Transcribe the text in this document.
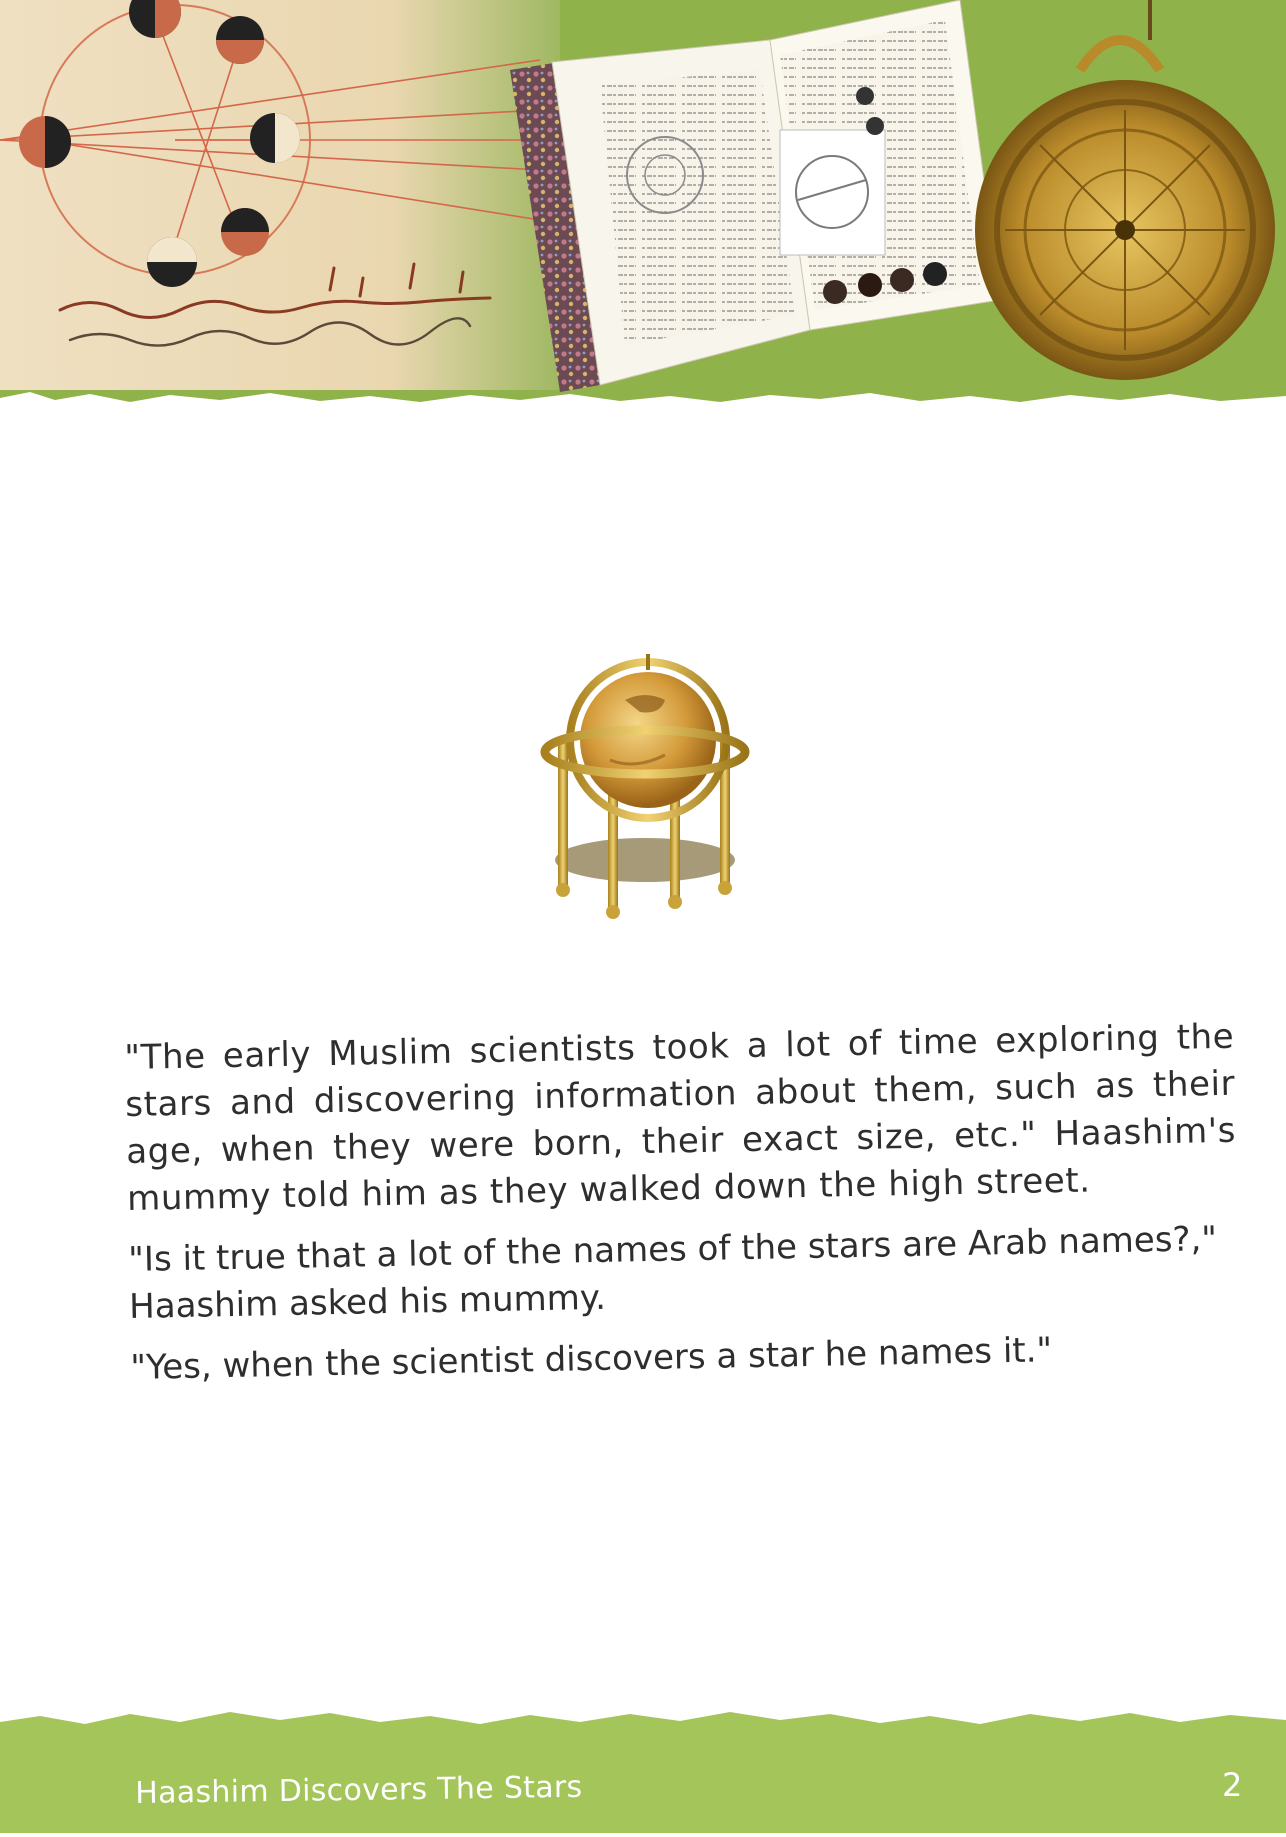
"The early Muslim scientists took a lot of time exploring the stars and discovering information about them, such as their age, when they were born, their exact size, etc." Haashim's mummy told him as they walked down the high street.

"Is it true that a lot of the names of the stars are Arab names?," Haashim asked his mummy.

"Yes, when the scientist discovers a star he names it."

Haashim Discovers The Stars	2
